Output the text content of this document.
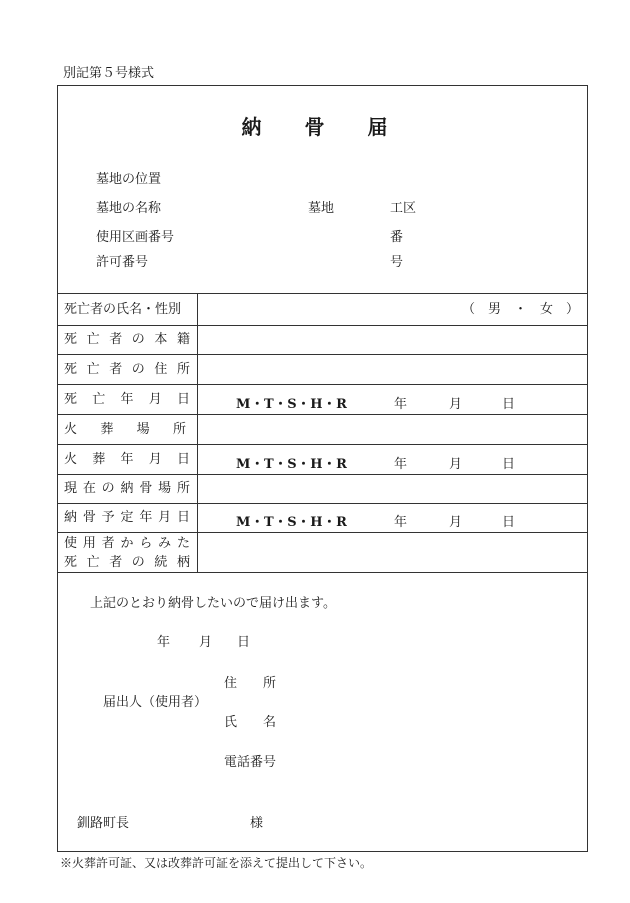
別記第５号様式
納　　骨　　届
墓地の位置
墓地の名称	墓地	工区
使用区画番号	番
許可番号	号
死亡者の氏名・性別	（　男　・　女　）
死亡者の本籍
死亡者の住所
死亡年月日	M・T・S・H・R	年	月	日
火葬場所
火葬年月日	M・T・S・H・R	年	月	日
現在の納骨場所
納骨予定年月日	M・T・S・H・R	年	月	日
使用者からみた
死亡者の続柄
上記のとおり納骨したいので届け出ます。
年 月 日
住　　所
届出人（使用者）
氏　　名
電話番号
釧路町長	様
※火葬許可証、又は改葬許可証を添えて提出して下さい。
